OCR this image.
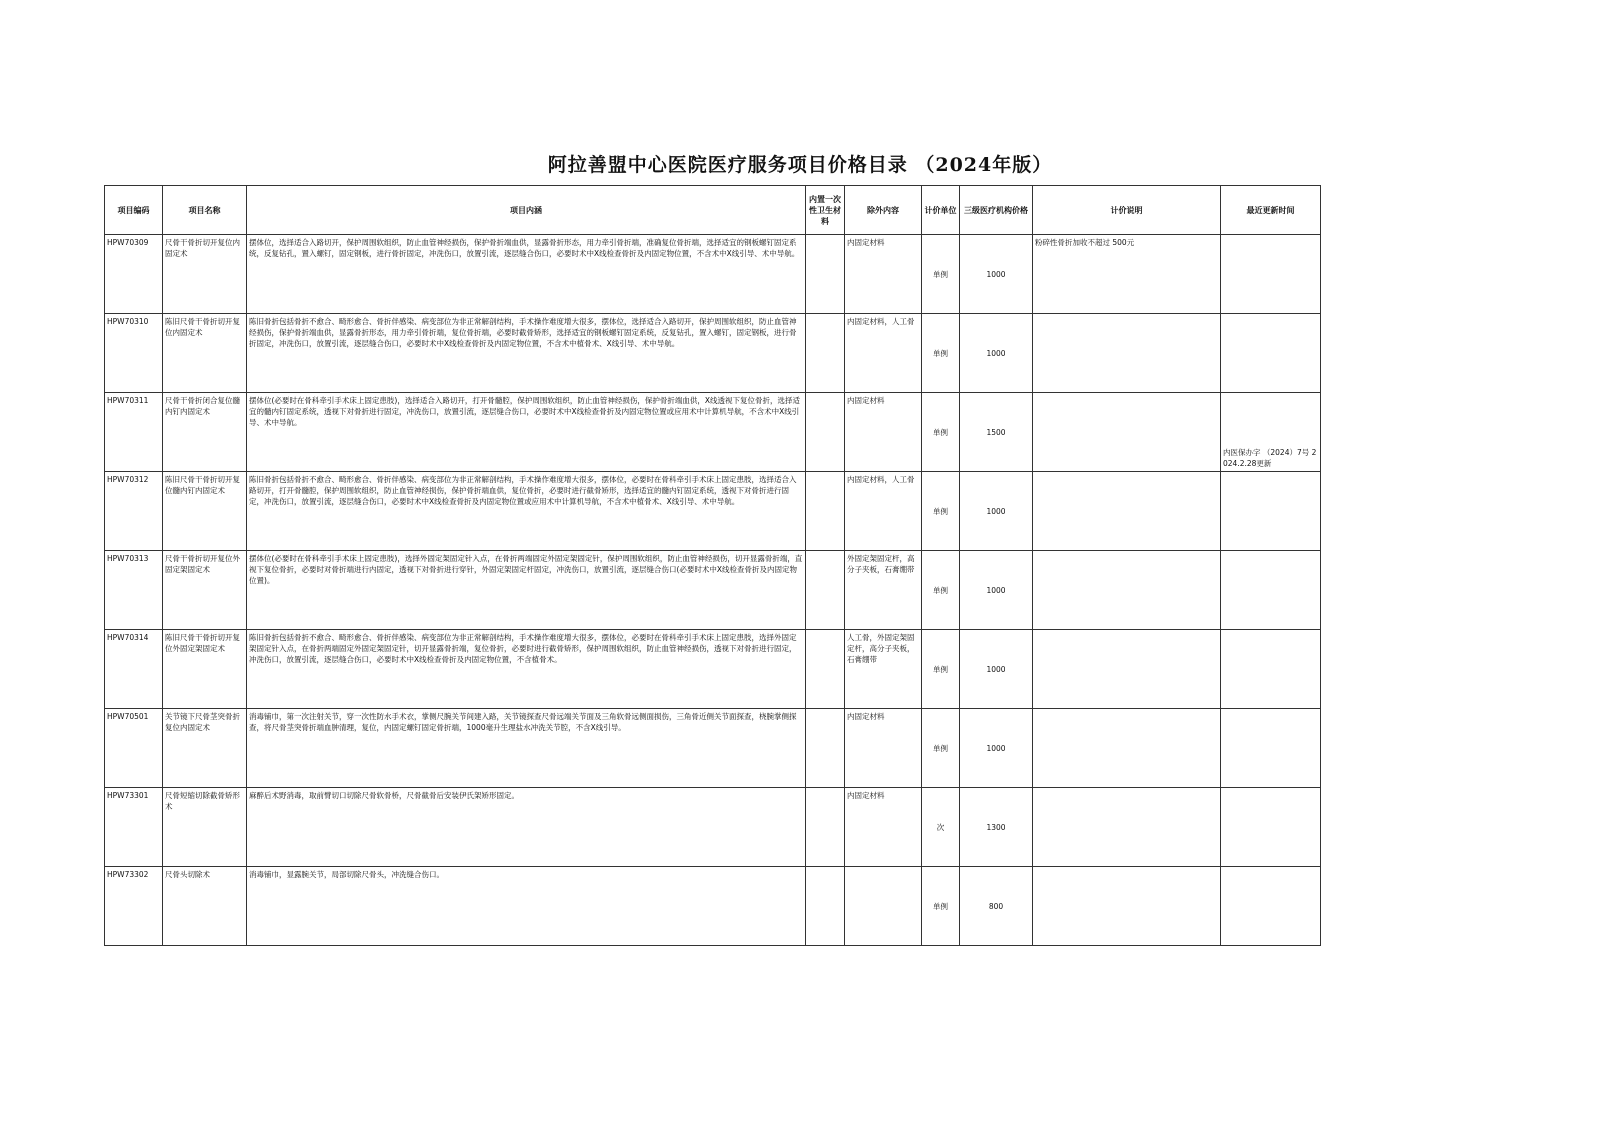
阿拉善盟中心医院医疗服务项目价格目录 （2024年版）
项目编码	项目名称	项目内涵	内置一次性卫生材料	除外内容	计价单位	三级医疗机构价格	计价说明	最近更新时间
HPW70309	尺骨干骨折切开复位内固定术	摆体位，选择适合入路切开，保护周围软组织，防止血管神经损伤，保护骨折端血供，显露骨折形态，用力牵引骨折端，准确复位骨折端，选择适宜的钢板螺钉固定系统，反复钻孔，置入螺钉，固定钢板，进行骨折固定，冲洗伤口，放置引流，逐层缝合伤口，必要时术中X线检查骨折及内固定物位置，不含术中X线引导、术中导航。		内固定材料	单例	1000	粉碎性骨折加收不超过 500元	
HPW70310	陈旧尺骨干骨折切开复位内固定术	陈旧骨折包括骨折不愈合、畸形愈合、骨折伴感染、病变部位为非正常解剖结构，手术操作难度增大很多，摆体位，选择适合入路切开，保护周围软组织，防止血管神经损伤，保护骨折端血供，显露骨折形态，用力牵引骨折端，复位骨折端，必要时截骨矫形，选择适宜的钢板螺钉固定系统，反复钻孔，置入螺钉，固定钢板，进行骨折固定，冲洗伤口，放置引流，逐层缝合伤口，必要时术中X线检查骨折及内固定物位置，不含术中植骨术、X线引导、术中导航。		内固定材料，人工骨	单例	1000		
HPW70311	尺骨干骨折闭合复位髓内钉内固定术	摆体位(必要时在骨科牵引手术床上固定患肢)，选择适合入路切开，打开骨髓腔，保护周围软组织，防止血管神经损伤，保护骨折端血供，X线透视下复位骨折，选择适宜的髓内钉固定系统，透视下对骨折进行固定，冲洗伤口，放置引流，逐层缝合伤口，必要时术中X线检查骨折及内固定物位置或应用术中计算机导航，不含术中X线引导、术中导航。		内固定材料	单例	1500		内医保办字 （2024）7号 2024.2.28更新
HPW70312	陈旧尺骨干骨折切开复位髓内钉内固定术	陈旧骨折包括骨折不愈合、畸形愈合、骨折伴感染、病变部位为非正常解剖结构，手术操作难度增大很多，摆体位，必要时在骨科牵引手术床上固定患肢，选择适合入路切开，打开骨髓腔，保护周围软组织，防止血管神经损伤，保护骨折端血供，复位骨折，必要时进行截骨矫形，选择适宜的髓内钉固定系统，透视下对骨折进行固定，冲洗伤口，放置引流，逐层缝合伤口，必要时术中X线检查骨折及内固定物位置或应用术中计算机导航，不含术中植骨术、X线引导、术中导航。		内固定材料，人工骨	单例	1000		
HPW70313	尺骨干骨折切开复位外固定架固定术	摆体位(必要时在骨科牵引手术床上固定患肢)，选择外固定架固定针入点，在骨折两端固定外固定架固定针，保护周围软组织，防止血管神经损伤，切开显露骨折端，直视下复位骨折，必要时对骨折端进行内固定，透视下对骨折进行穿针，外固定架固定杆固定，冲洗伤口，放置引流，逐层缝合伤口(必要时术中X线检查骨折及内固定物位置)。		外固定架固定杆，高分子夹板，石膏绷带	单例	1000		
HPW70314	陈旧尺骨干骨折切开复位外固定架固定术	陈旧骨折包括骨折不愈合、畸形愈合、骨折伴感染、病变部位为非正常解剖结构，手术操作难度增大很多，摆体位，必要时在骨科牵引手术床上固定患肢，选择外固定架固定针入点，在骨折两端固定外固定架固定针，切开显露骨折端，复位骨折，必要时进行截骨矫形，保护周围软组织，防止血管神经损伤，透视下对骨折进行固定，冲洗伤口，放置引流，逐层缝合伤口，必要时术中X线检查骨折及内固定物位置，不含植骨术。		人工骨，外固定架固定杆，高分子夹板，石膏绷带	单例	1000		
HPW70501	关节镜下尺骨茎突骨折复位内固定术	消毒铺巾，第一次注射关节，穿一次性防水手术衣，掌侧尺腕关节间建入路，关节镜探查尺骨远端关节面及三角软骨远侧面损伤，三角骨近侧关节面探查，桡腕掌侧探查，将尺骨茎突骨折端血肿清理，复位，内固定螺钉固定骨折端，1000毫升生理盐水冲洗关节腔，不含X线引导。		内固定材料	单例	1000		
HPW73301	尺骨短缩切除截骨矫形术	麻醉后术野消毒，取前臂切口切除尺骨软骨桥，尺骨截骨后安装伊氏架矫形固定。		内固定材料	次	1300		
HPW73302	尺骨头切除术	消毒铺巾，显露腕关节，局部切除尺骨头，冲洗缝合伤口。			单例	800		
